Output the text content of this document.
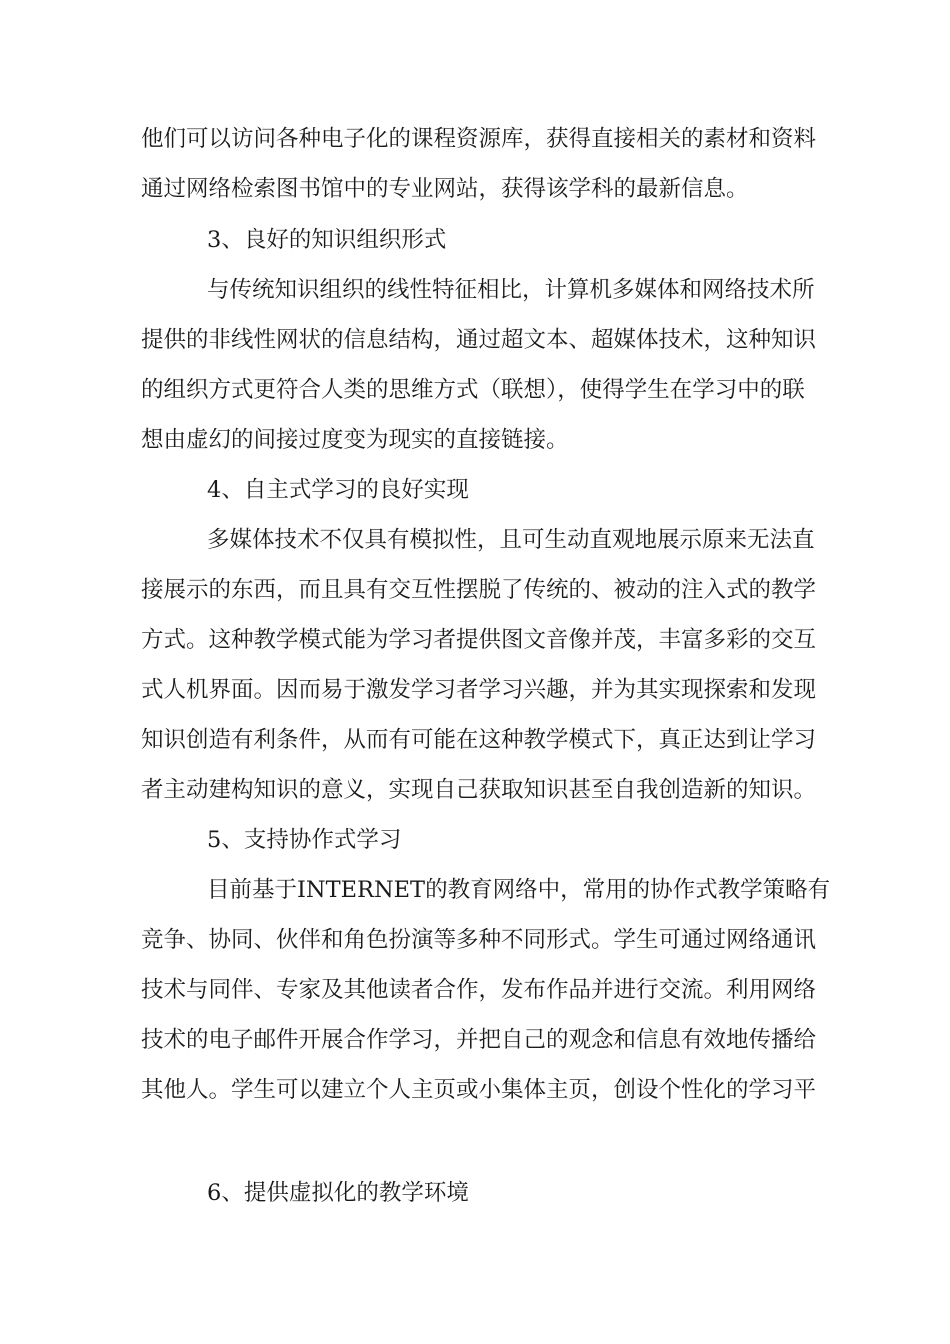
他们可以访问各种电子化的课程资源库，获得直接相关的素材和资料
通过网络检索图书馆中的专业网站，获得该学科的最新信息。
3、良好的知识组织形式
与传统知识组织的线性特征相比，计算机多媒体和网络技术所
提供的非线性网状的信息结构，通过超文本、超媒体技术，这种知识
的组织方式更符合人类的思维方式（联想），使得学生在学习中的联
想由虚幻的间接过度变为现实的直接链接。
4、自主式学习的良好实现
多媒体技术不仅具有模拟性，且可生动直观地展示原来无法直
接展示的东西，而且具有交互性摆脱了传统的、被动的注入式的教学
方式。这种教学模式能为学习者提供图文音像并茂，丰富多彩的交互
式人机界面。因而易于激发学习者学习兴趣，并为其实现探索和发现
知识创造有利条件，从而有可能在这种教学模式下，真正达到让学习
者主动建构知识的意义，实现自己获取知识甚至自我创造新的知识。
5、支持协作式学习
目前基于INTERNET的教育网络中，常用的协作式教学策略有
竞争、协同、伙伴和角色扮演等多种不同形式。学生可通过网络通讯
技术与同伴、专家及其他读者合作，发布作品并进行交流。利用网络
技术的电子邮件开展合作学习，并把自己的观念和信息有效地传播给
其他人。学生可以建立个人主页或小集体主页，创设个性化的学习平
6、提供虚拟化的教学环境
